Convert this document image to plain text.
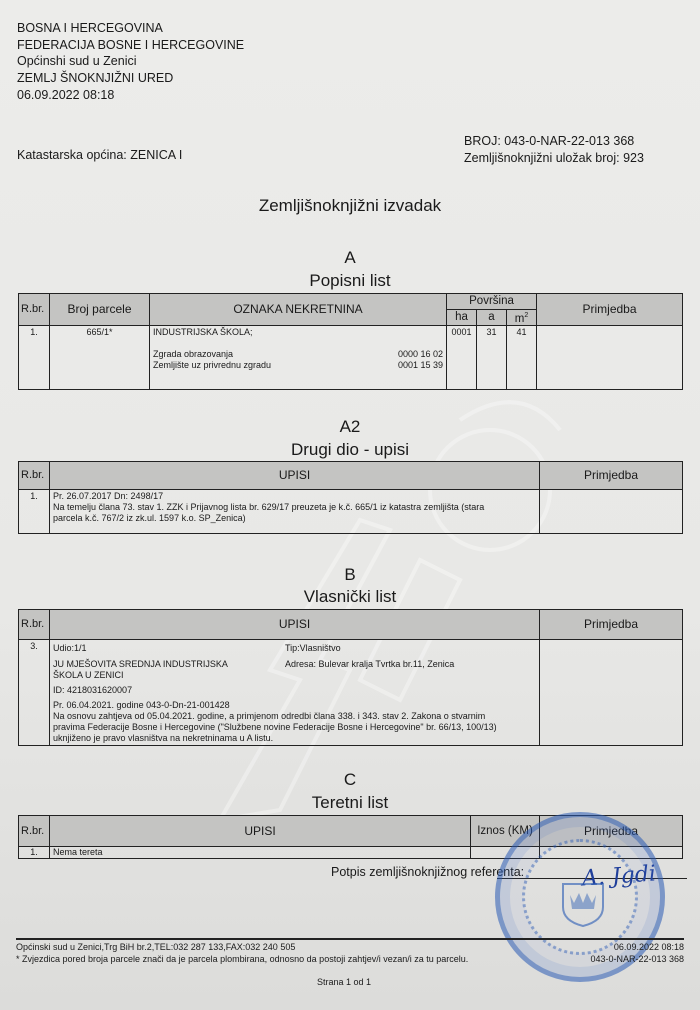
BOSNA I HERCEGOVINA
FEDERACIJA BOSNE I HERCEGOVINE
Općinshi sud u Zenici
ZEMLJ ŠNOKNJIŽNI URED
06.09.2022 08:18
Katastarska općina: ZENICA I
BROJ: 043-0-NAR-22-013 368
Zemljišnoknjižni uložak broj: 923
Zemljišnoknjižni izvadak
A
Popisni list
R.br.	Broj parcele	OZNAKA NEKRETNINA	Površina			Primjedba
			ha	a	$m^2$
1.	665/1*	INDUSTRIJSKA ŠKOLA;
Zgrada obrazovanja 0000 16 02
Zemljište uz privrednu zgradu 0001 15 39	0001	31	41	
A2
Drugi dio - upisi
R.br.	UPISI	Primjedba
1.	Pr. 26.07.2017 Dn: 2498/17
Na temelju člana 73. stav 1. ZZK i Prijavnog lista br. 629/17 preuzeta je k.č. 665/1 iz katastra zemljišta (stara
parcela k.č. 767/2 iz zk.ul. 1597 k.o. SP_Zenica)	

B
Vlasnički list
R.br.	UPISI	Primjedba
3.	Udio:1/1
JU MJEŠOVITA SREDNJA INDUSTRIJSKA
ŠKOLA U ZENICI
ID: 4218031620007
Tip:Vlasništvo
Adresa: Bulevar kralja Tvrtka br.11, Zenica
Pr. 06.04.2021. godine 043-0-Dn-21-001428
Na osnovu zahtjeva od 05.04.2021. godine, a primjenom odredbi člana 338. i 343. stav 2. Zakona o stvarnim
pravima Federacije Bosne i Hercegovine ("Službene novine Federacije Bosne i Hercegovine" br. 66/13, 100/13)
uknjiženo je pravo vlasništva na nekretninama u A listu.

C
Teretni list
R.br.	UPISI	Iznos (KM)	Primjedba
1.	Nema tereta		
Potpis zemljišnoknjižnog referenta:	A. Jgdi
Općinski sud u Zenici,Trg BiH br.2,TEL:032 287 133,FAX:032 240 505
* Zvjezdica pored broja parcele znači da je parcela plombirana, odnosno da postoji zahtjev/i vezan/i za tu parcelu.
06.09.2022 08:18
043-0-NAR-22-013 368
Strana 1 od 1
